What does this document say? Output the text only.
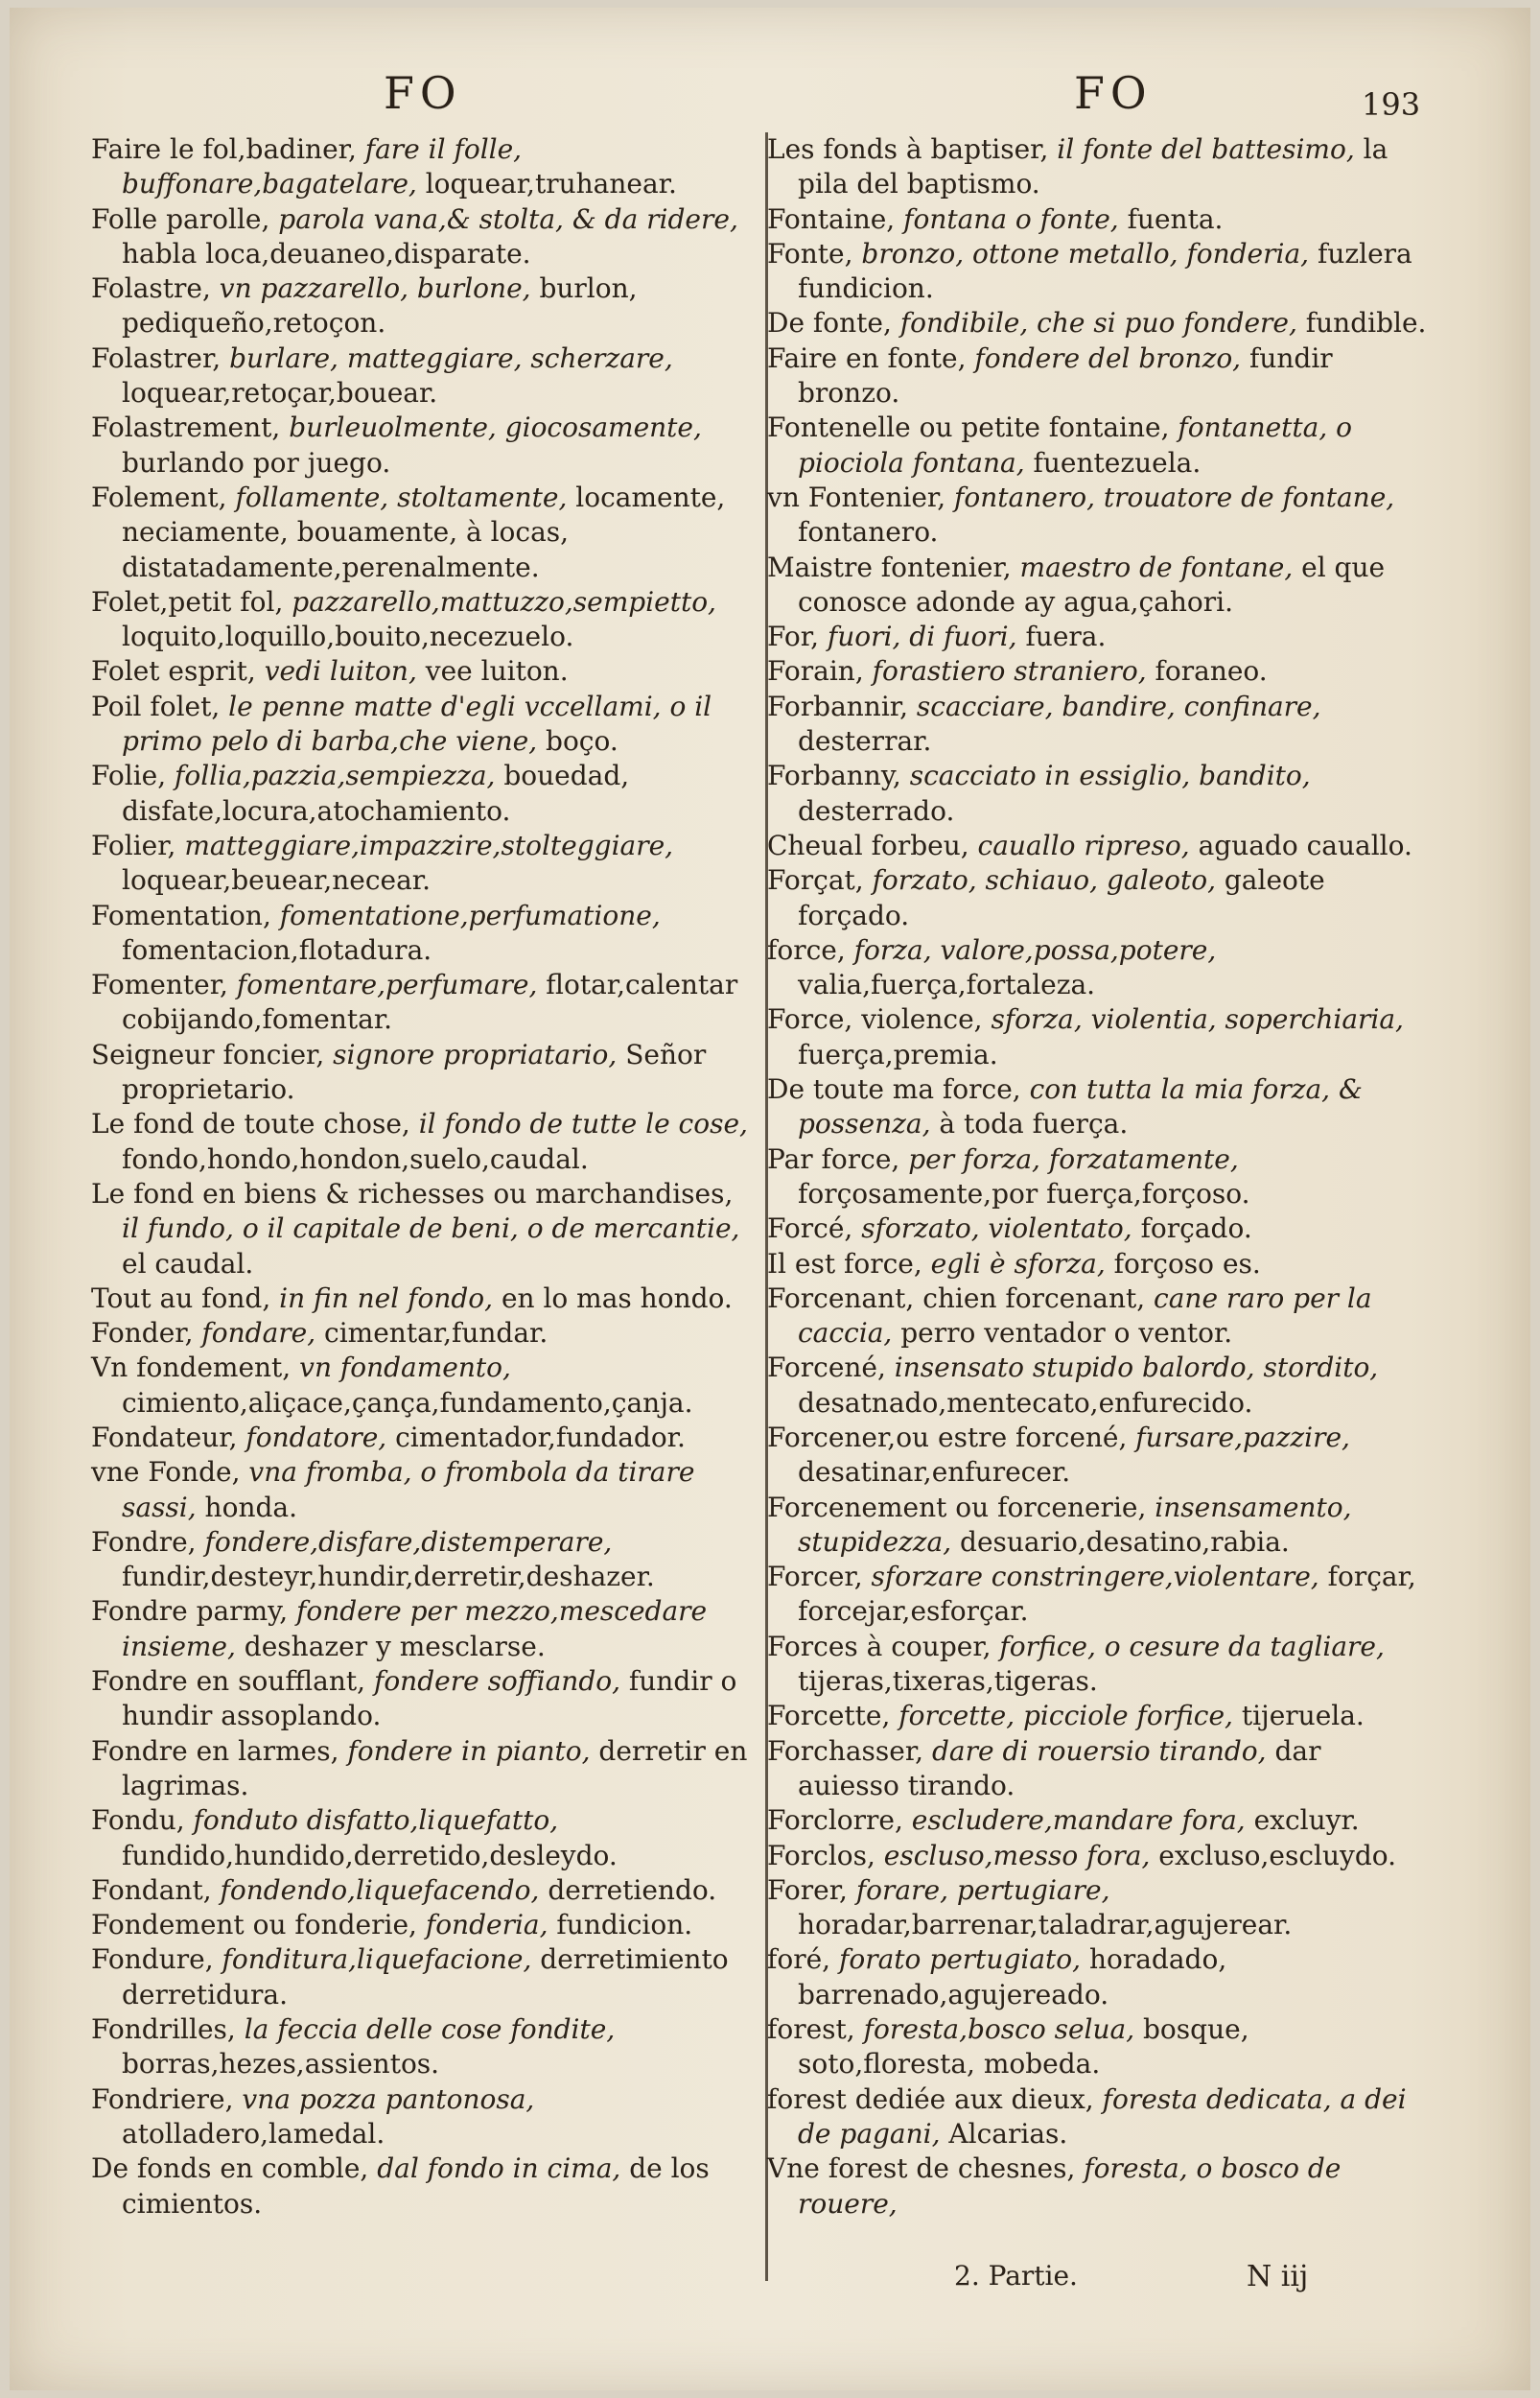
FO	FO	193

Faire le fol,badiner, fare il folle, buffonare,bagatelare, loquear,truhanear.

Folle parolle, parola vana,& stolta, & da ridere, habla loca,deuaneo,disparate.

Folastre, vn pazzarello, burlone, burlon, pediqueño,retoçon.

Folastrer, burlare, matteggiare, scherzare, loquear,retoçar,bouear.

Folastrement, burleuolmente, giocosamente, burlando por juego.

Folement, follamente, stoltamente, locamente, neciamente, bouamente, à locas, distatadamente,perenalmente.

Folet,petit fol, pazzarello,mattuzzo,sempietto, loquito,loquillo,bouito,necezuelo.

Folet esprit, vedi luiton, vee luiton.

Poil folet, le penne matte d'egli vccellami, o il primo pelo di barba,che viene, boço.

Folie, follia,pazzia,sempiezza, bouedad, disfate,locura,atochamiento.

Folier, matteggiare,impazzire,stolteggiare, loquear,beuear,necear.

Fomentation, fomentatione,perfumatione, fomentacion,flotadura.

Fomenter, fomentare,perfumare, flotar,calentar cobijando,fomentar.

Seigneur foncier, signore propriatario, Señor proprietario.

Le fond de toute chose, il fondo de tutte le cose, fondo,hondo,hondon,suelo,caudal.

Le fond en biens & richesses ou marchandises, il fundo, o il capitale de beni, o de mercantie, el caudal.

Tout au fond, in fin nel fondo, en lo mas hondo.

Fonder, fondare, cimentar,fundar.

Vn fondement, vn fondamento, cimiento,aliçace,çança,fundamento,çanja.

Fondateur, fondatore, cimentador,fundador.

vne Fonde, vna fromba, o frombola da tirare sassi, honda.

Fondre, fondere,disfare,distemperare, fundir,desteyr,hundir,derretir,deshazer.

Fondre parmy, fondere per mezzo,mesсedare insieme, deshazer y mesclarse.

Fondre en soufflant, fondere soffiando, fundir o hundir assoplando.

Fondre en larmes, fondere in pianto, derretir en lagrimas.

Fondu, fonduto disfatto,liquefatto, fundido,hundido,derretido,desleydo.

Fondant, fondendo,liquefacendo, derretiendo.

Fondement ou fonderie, fonderia, fundicion.

Fondure, fonditura,liquefacione, derretimiento derretidura.

Fondrilles, la feccia delle cose fondite, borras,hezes,assientos.

Fondriere, vna pozza pantonosa, atolladero,lamedal.

De fonds en comble, dal fondo in cima, de los cimientos.

Les fonds à baptiser, il fonte del battesimo, la pila del baptismo.

Fontaine, fontana o fonte, fuenta.

Fonte, bronzo, ottone metallo, fonderia, fuzlera fundicion.

De fonte, fondibile, che si puo fondere, fundible.

Faire en fonte, fondere del bronzo, fundir bronzo.

Fontenelle ou petite fontaine, fontanetta, o piociola fontana, fuentezuela.

vn Fontenier, fontanero, trouatore de fontane, fontanero.

Maistre fontenier, maestro de fontane, el que conosce adonde ay agua,çahori.

For, fuori, di fuori, fuera.

Forain, forastiero straniero, foraneo.

Forbannir, scacciare, bandire, confinare, desterrar.

Forbanny, scacciato in essiglio, bandito, desterrado.

Cheual forbeu, cauallo ripreso, aguado cauallo.

Forçat, forzato, schiauo, galeoto, galeote forçado.

force, forza, valore,possa,potere, valia,fuerça,fortaleza.

Force, violence, sforza, violentia, soperchiaria, fuerça,premia.

De toute ma force, con tutta la mia forza, & possenza, à toda fuerça.

Par force, per forza, forzatamente, forçosamente,por fuerça,forçoso.

Forcé, sforzato, violentato, forçado.

Il est force, egli è sforza, forçoso es.

Forcenant, chien forcenant, cane raro per la caccia, perro ventador o ventor.

Forcené, insensato stupido balordo, stordito, desatnado,mentecato,enfurecido.

Forcener,ou estre forcené, fursare,pazzire, desatinar,enfurecer.

Forcenement ou forcenerie, insensamento, stupidezza, desuario,desatino,rabia.

Forcer, sforzare constringere,violentare, forçar, forcejar,esforçar.

Forces à couper, forfice, o cesure da tagliare, tijeras,tixeras,tigeras.

Forcette, forcette, picciole forfice, tijeruela.

Forchasser, dare di rouersio tirando, dar auiesso tirando.

Forclorre, escludere,mandare fora, excluyr.

Forclos, escluso,messo fora, excluso,escluydo.

Forer, forare, pertugiare, horadar,barrenar,taladrar,agujerear.

foré, forato pertugiato, horadado, barrenado,agujereado.

forest, foresta,bosco selua, bosque, soto,floresta, mobeda.

forest dediée aux dieux, foresta dedicata, a dei de pagani, Alcarias.

Vne forest de chesnes, foresta, o bosco de rouere,

2. Partie.	N iij
